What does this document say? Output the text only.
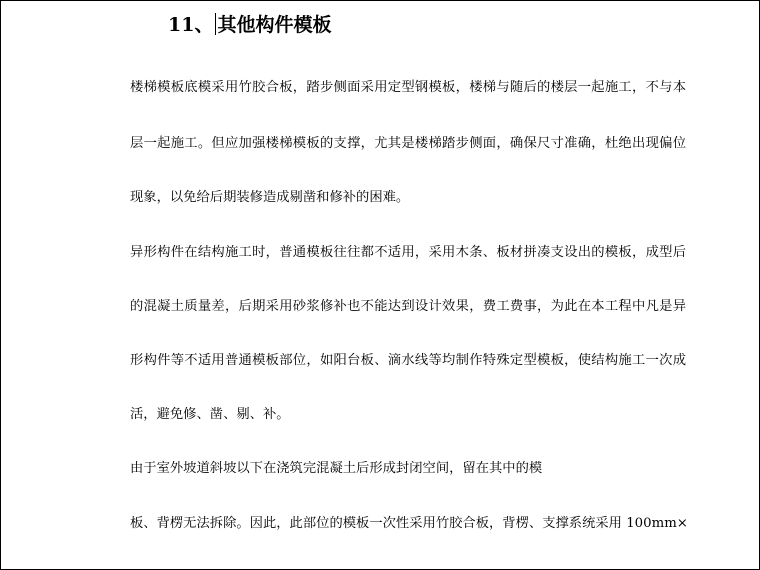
11、 其他构件模板
楼梯模板底模采用竹胶合板，踏步侧面采用定型钢模板，楼梯与随后的楼层一起施工，不与本
层一起施工。但应加强楼梯模板的支撑，尤其是楼梯踏步侧面，确保尺寸准确，杜绝出现偏位
现象，以免给后期装修造成剔凿和修补的困难。
异形构件在结构施工时，普通模板往往都不适用，采用木条、板材拼凑支设出的模板，成型后
的混凝土质量差，后期采用砂浆修补也不能达到设计效果，费工费事，为此在本工程中凡是异
形构件等不适用普通模板部位，如阳台板、滴水线等均制作特殊定型模板，使结构施工一次成
活，避免修、凿、剔、补。
由于室外坡道斜坡以下在浇筑完混凝土后形成封闭空间，留在其中的模
板、背楞无法拆除。因此，此部位的模板一次性采用竹胶合板，背楞、支撑系统采用 100mm×
